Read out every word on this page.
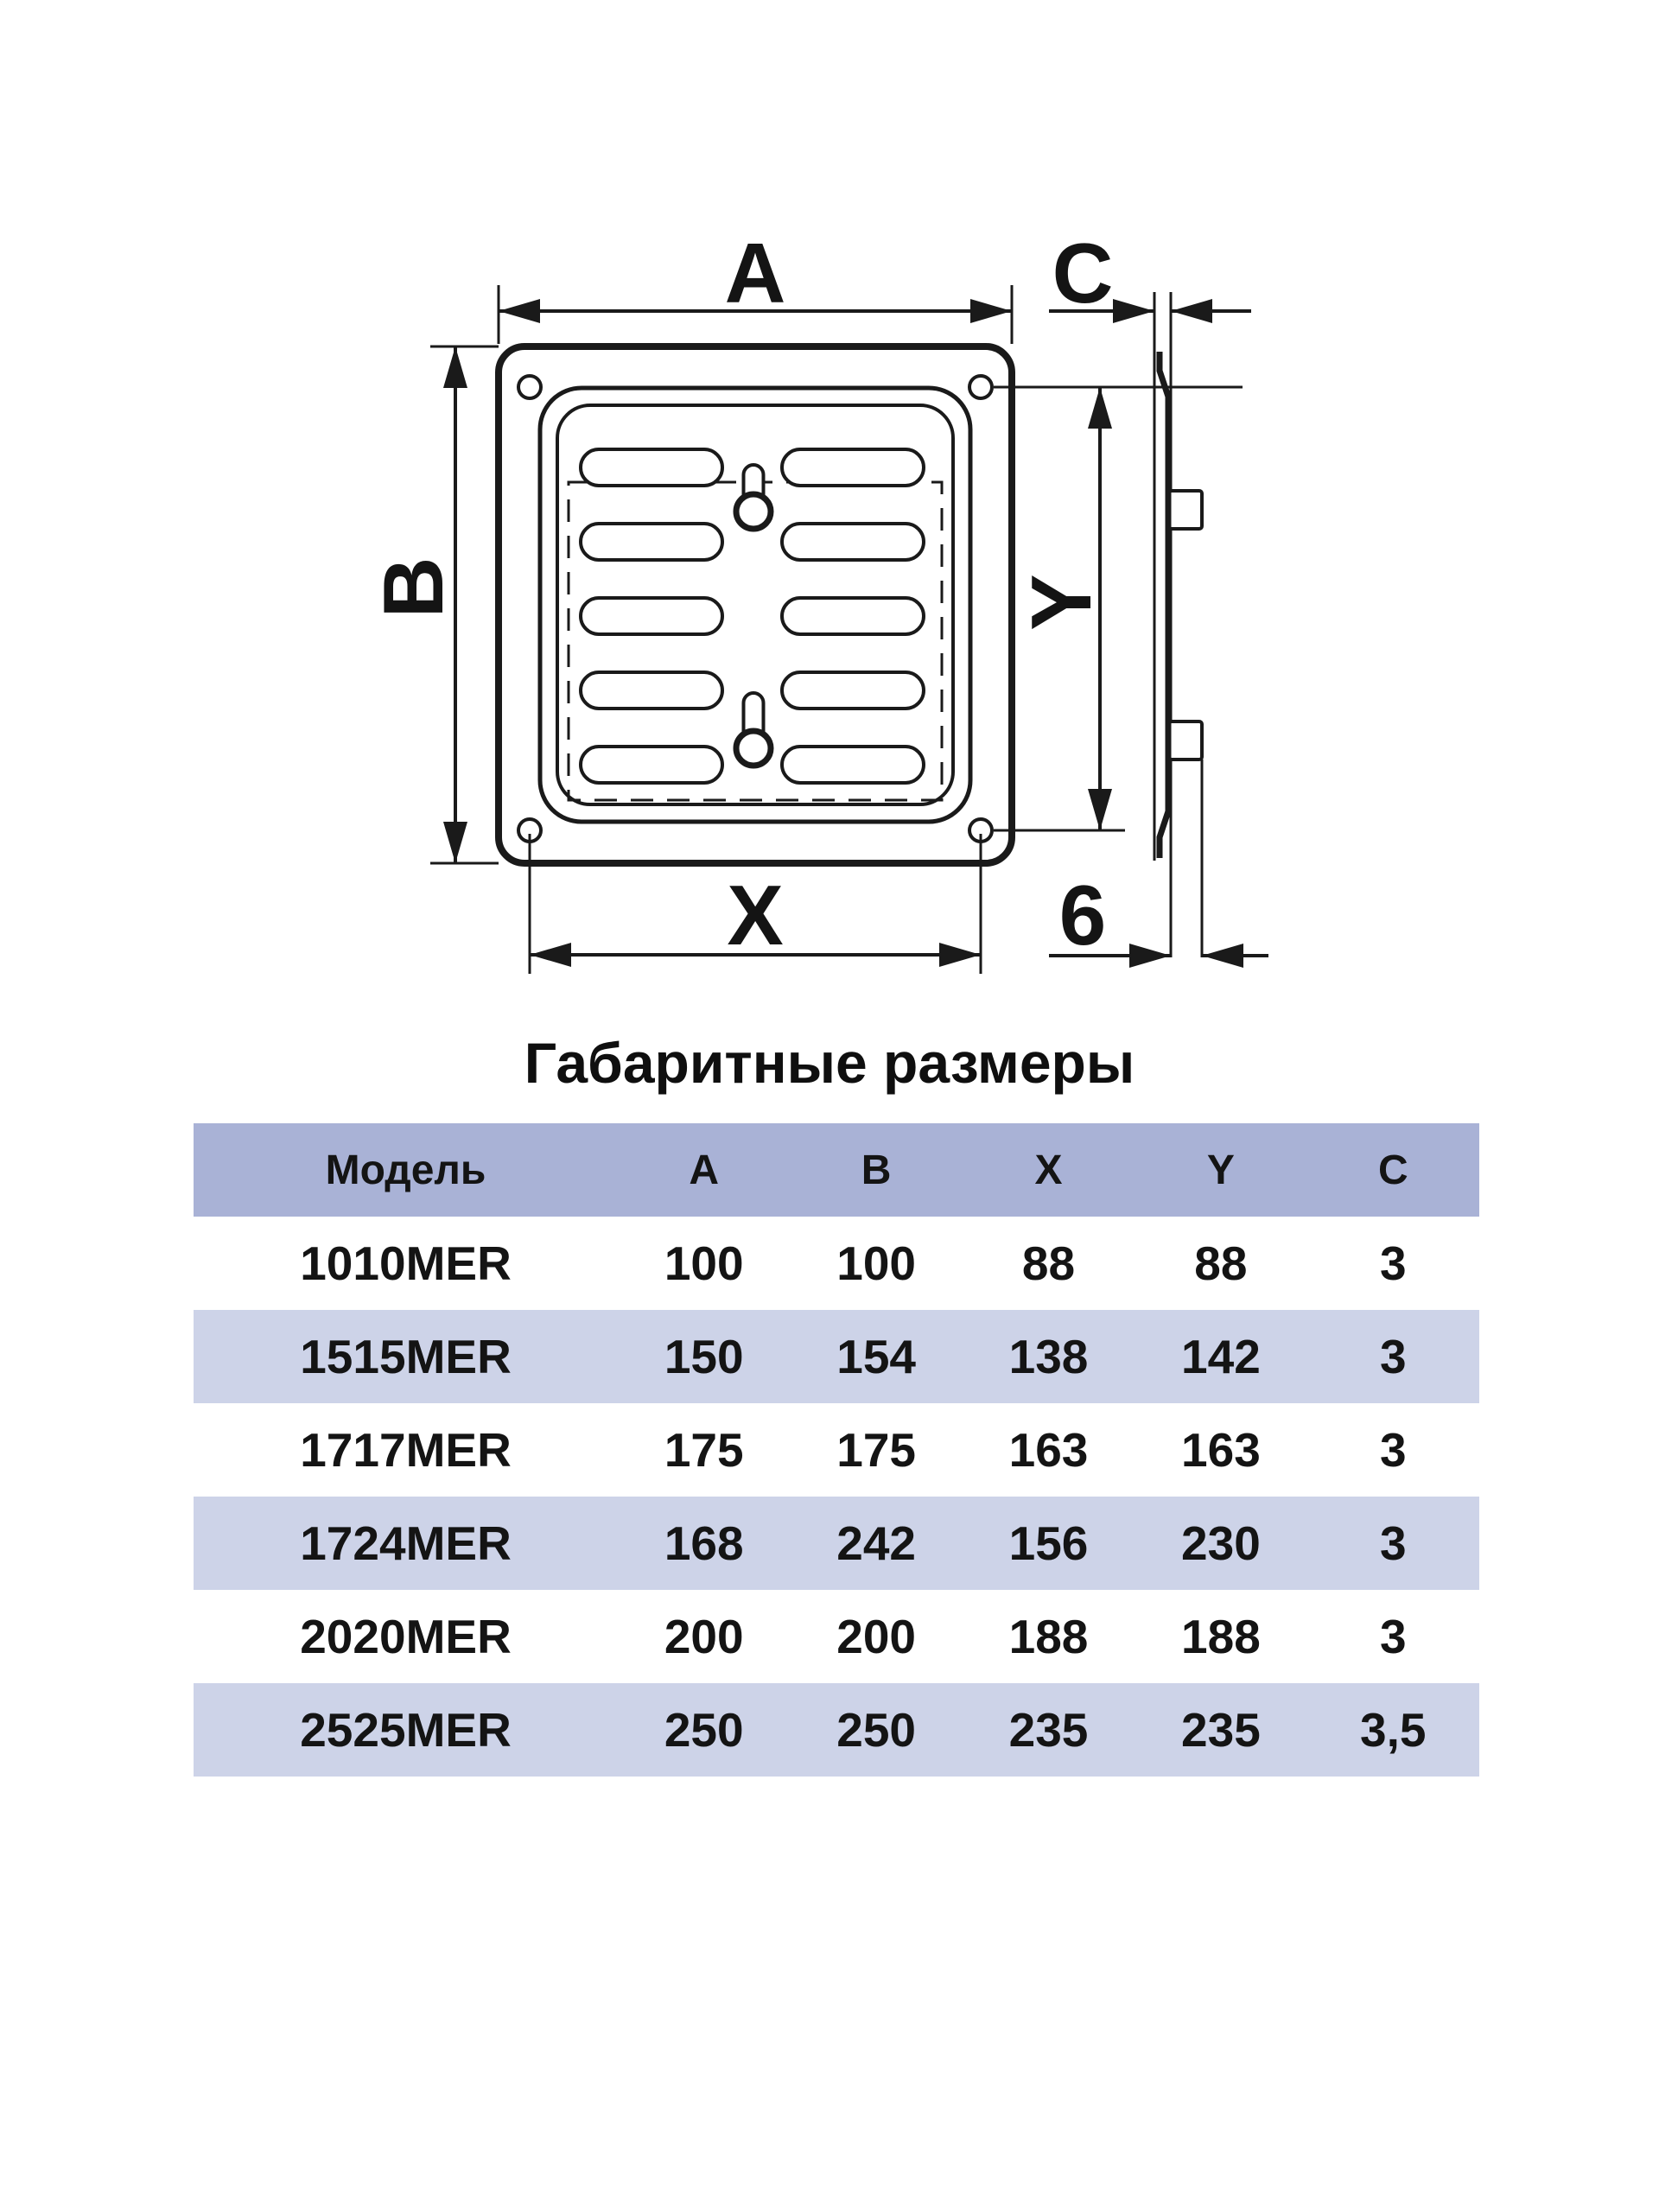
A	C
B	Y
X	6
Габаритные размеры
Модель	A	B	X	Y	C
1010MER	100	100	88	88	3
1515MER	150	154	138	142	3
1717MER	175	175	163	163	3
1724MER	168	242	156	230	3
2020MER	200	200	188	188	3
2525MER	250	250	235	235	3,5
